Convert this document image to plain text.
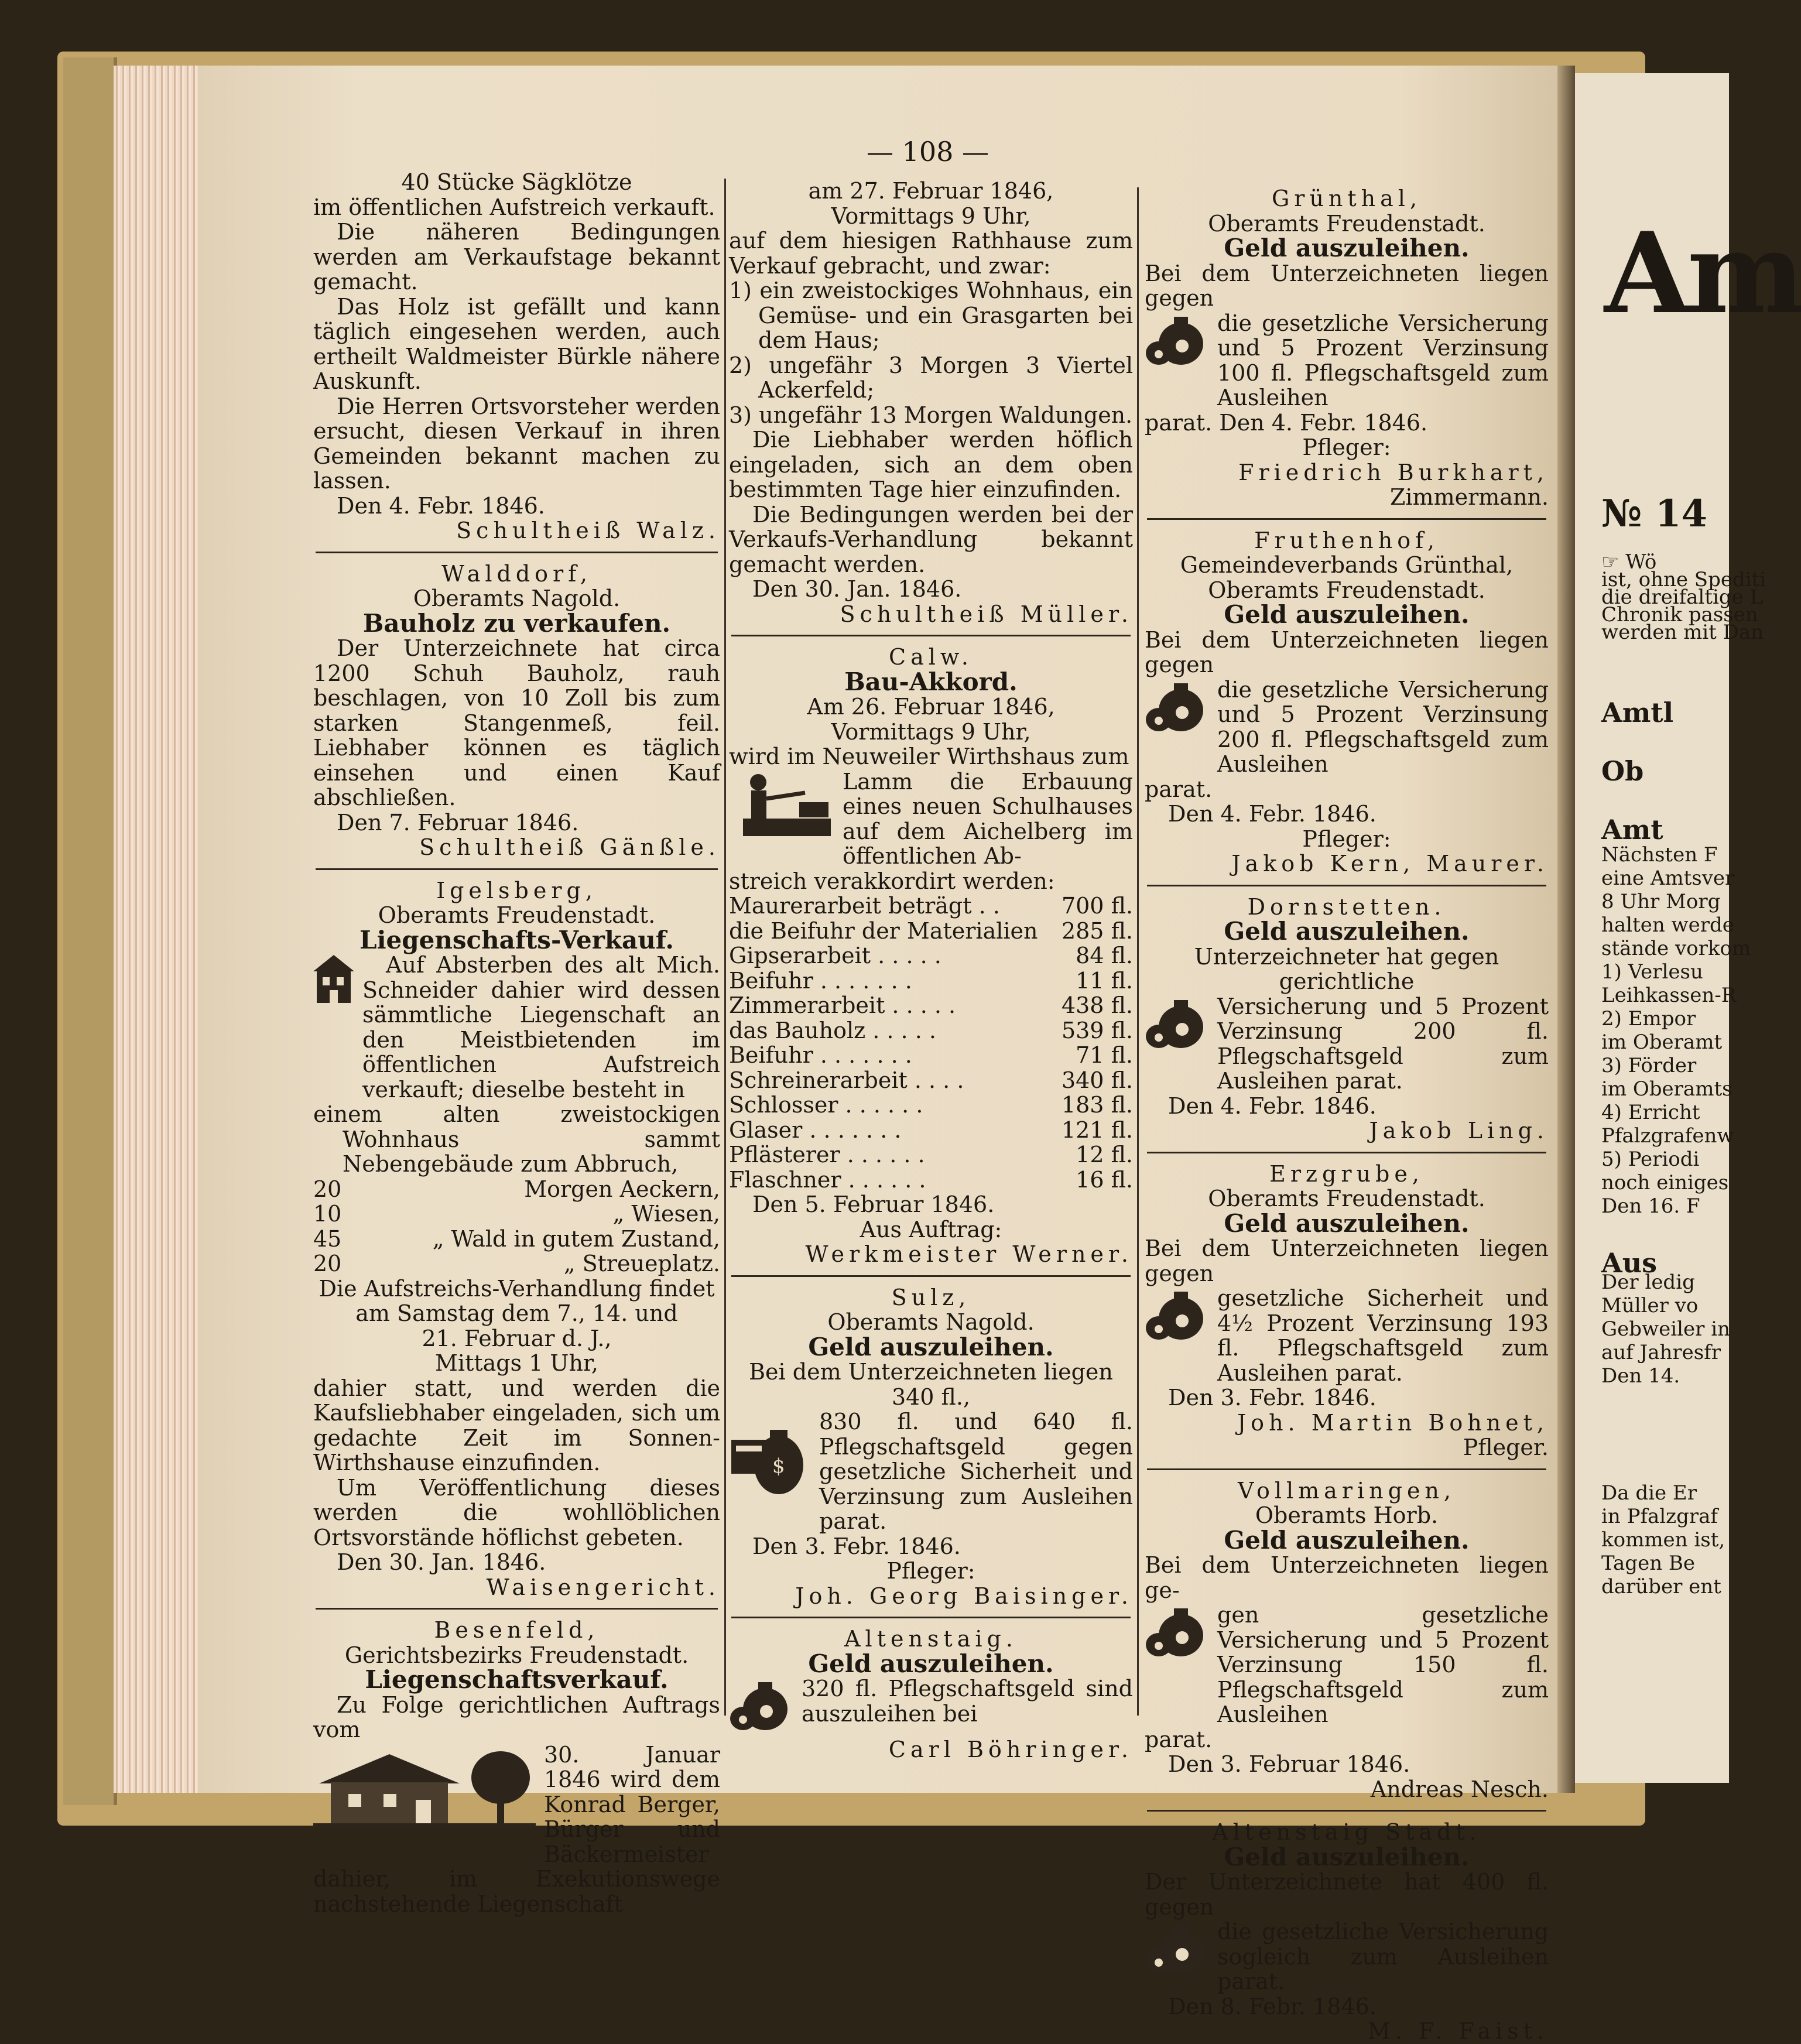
— 108 —

40 Stücke Sägklötze

im öffentlichen Aufstreich verkauft.

Die näheren Bedingungen werden am Verkaufstage bekannt gemacht.

Das Holz ist gefällt und kann täglich eingesehen werden, auch ertheilt Waldmeister Bürkle nähere Auskunft.

Die Herren Ortsvorsteher werden ersucht, diesen Verkauf in ihren Gemeinden bekannt machen zu lassen.

Den 4. Febr. 1846.

Schultheiß Walz.

Walddorf,

Oberamts Nagold.

Bauholz zu verkaufen.

Der Unterzeichnete hat circa 1200 Schuh Bauholz, rauh beschlagen, von 10 Zoll bis zum starken Stangenmeß, feil. Liebhaber können es täglich einsehen und einen Kauf abschließen.

Den 7. Februar 1846.

Schultheiß Gänßle.

Igelsberg,

Oberamts Freudenstadt.

Liegenschafts-Verkauf.

Auf Absterben des alt Mich. Schneider dahier wird dessen sämmtliche Liegenschaft an den Meistbietenden im öffentlichen Aufstreich verkauft; dieselbe besteht in

einem alten zweistockigen Wohnhaus sammt Nebengebäude zum Abbruch,

20	Morgen Aeckern,

10	„ Wiesen,

45	„ Wald in gutem Zustand,

20	„ Streueplatz.

Die Aufstreichs-Verhandlung findet am Samstag dem 7., 14. und

21. Februar d. J.,

Mittags 1 Uhr,

dahier statt, und werden die Kaufsliebhaber eingeladen, sich um gedachte Zeit im Sonnen-Wirthshause einzufinden.

Um Veröffentlichung dieses werden die wohllöblichen Ortsvorstände höflichst gebeten.

Den 30. Jan. 1846.

Waisengericht.

Besenfeld,

Gerichtsbezirks Freudenstadt.

Liegenschaftsverkauf.

Zu Folge gerichtlichen Auftrags vom

30. Januar 1846 wird dem Konrad Berger, Bürger und Bäckermeister

dahier, im Exekutionswege nachstehende Liegenschaft

am 27. Februar 1846,

Vormittags 9 Uhr,

auf dem hiesigen Rathhause zum Verkauf gebracht, und zwar:

1) ein zweistockiges Wohnhaus, ein Gemüse- und ein Grasgarten bei dem Haus;

2) ungefähr 3 Morgen 3 Viertel Ackerfeld;

3) ungefähr 13 Morgen Waldungen.

Die Liebhaber werden höflich eingeladen, sich an dem oben bestimmten Tage hier einzufinden.

Die Bedingungen werden bei der Verkaufs-Verhandlung bekannt gemacht werden.

Den 30. Jan. 1846.

Schultheiß Müller.

Calw.

Bau-Akkord.

Am 26. Februar 1846,

Vormittags 9 Uhr,

wird im Neuweiler Wirthshaus zum

Lamm die Erbauung eines neuen Schulhauses auf dem Aichelberg im öffentlichen Ab-

streich verakkordirt werden:

Maurerarbeit beträgt . .	700 fl.

die Beifuhr der Materialien 285 fl.

Gipserarbeit . . . . .	84 fl.

Beifuhr . . . . . . .	11 fl.

Zimmerarbeit . . . . .	438 fl.

das Bauholz . . . . .	539 fl.

Beifuhr . . . . . . .	71 fl.

Schreinerarbeit . . . .	340 fl.

Schlosser . . . . . .	183 fl.

Glaser . . . . . . .	121 fl.

Pflästerer . . . . . .	12 fl.

Flaschner . . . . . .	16 fl.

Den 5. Februar 1846.

Aus Auftrag:

Werkmeister Werner.

Sulz,

Oberamts Nagold.

Geld auszuleihen.

Bei dem Unterzeichneten liegen 340 fl.,

$

830 fl. und 640 fl. Pflegschaftsgeld gegen gesetzliche Sicherheit und Verzinsung zum Ausleihen parat.

Den 3. Febr. 1846.

Pfleger:

Joh. Georg Baisinger.

Altenstaig.

Geld auszuleihen.

320 fl. Pflegschaftsgeld sind auszuleihen bei

Carl Böhringer.

Grünthal,

Oberamts Freudenstadt.

Geld auszuleihen.

Bei dem Unterzeichneten liegen gegen

die gesetzliche Versicherung und 5 Prozent Verzinsung 100 fl. Pflegschaftsgeld zum Ausleihen

parat. Den 4. Febr. 1846.

Pfleger:

Friedrich Burkhart,

Zimmermann.

Fruthenhof,

Gemeindeverbands Grünthal,

Oberamts Freudenstadt.

Geld auszuleihen.

Bei dem Unterzeichneten liegen gegen

die gesetzliche Versicherung und 5 Prozent Verzinsung 200 fl. Pflegschaftsgeld zum Ausleihen

parat.

Den 4. Febr. 1846.

Pfleger:

Jakob Kern, Maurer.

Dornstetten.

Geld auszuleihen.

Unterzeichneter hat gegen gerichtliche

Versicherung und 5 Prozent Verzinsung 200 fl. Pflegschaftsgeld zum Ausleihen parat.

Den 4. Febr. 1846.

Jakob Ling.

Erzgrube,

Oberamts Freudenstadt.

Geld auszuleihen.

Bei dem Unterzeichneten liegen gegen

gesetzliche Sicherheit und 4½ Prozent Verzinsung 193 fl. Pflegschaftsgeld zum Ausleihen parat.

Den 3. Febr. 1846.

Joh. Martin Bohnet,

Pfleger.

Vollmaringen,

Oberamts Horb.

Geld auszuleihen.

Bei dem Unterzeichneten liegen ge-

gen gesetzliche Versicherung und 5 Prozent Verzinsung 150 fl. Pflegschaftsgeld zum Ausleihen

parat.

Den 3. Februar 1846.

Andreas Nesch.

Altenstaig Stadt.

Geld auszuleihen.

Der Unterzeichnete hat 400 fl. gegen

die gesetzliche Versicherung sogleich zum Ausleihen parat.

Den 8. Febr. 1846.

M. F. Faist.

Am
№ 14
☞ Wö
ist, ohne Spediti
die dreifaltige L
Chronik passen
werden mit Dan
Amtl
Ob
Amt
Nächsten F
eine Amtsver
8 Uhr Morg
halten werde
stände vorkom
1) Verlesu
Leihkassen-R
2) Empor
im Oberamt
3) Förder
im Oberamts
4) Erricht
Pfalzgrafenw
5) Periodi
noch einiges
Den 16. F
Aus
Der ledig
Müller vo
Gebweiler in
auf Jahresfr
Den 14.
Da die Er
in Pfalzgraf
kommen ist,
Tagen Be
darüber ent
